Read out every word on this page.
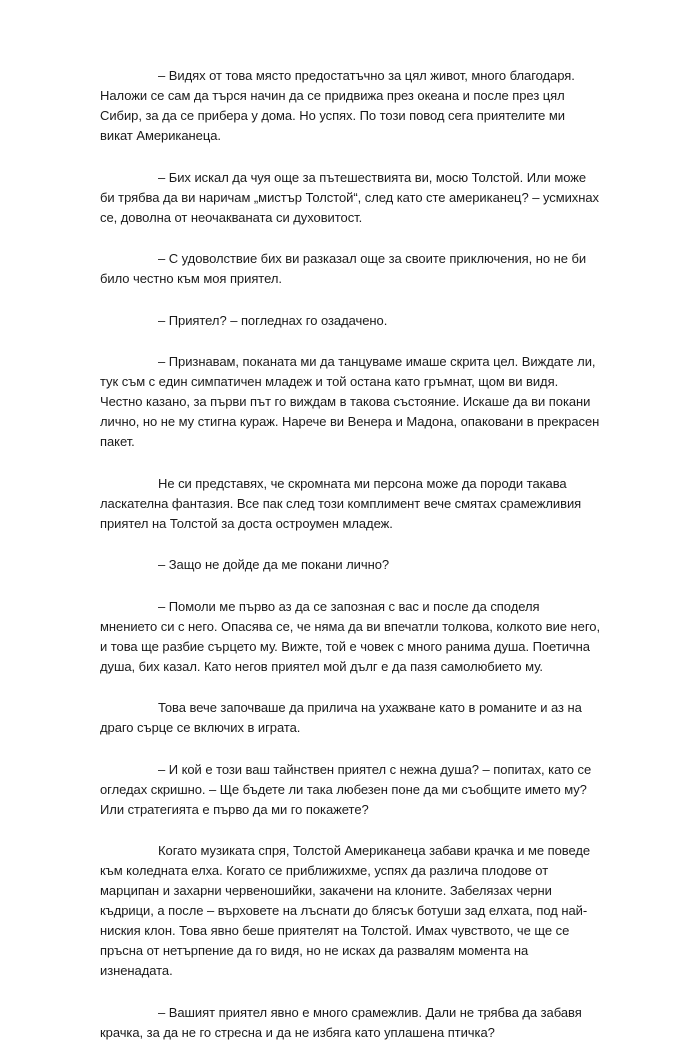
– Видях от това място предостатъчно за цял живот, много благодаря. Наложи се сам да търся начин да се придвижа през океана и после през цял Сибир, за да се прибера у дома. Но успях. По този повод сега приятелите ми викат Американеца.

– Бих искал да чуя още за пътешествията ви, мосю Толстой. Или може би трябва да ви наричам „мистър Толстой“, след като сте американец? – усмихнах се, доволна от неочакваната си духовитост.

– С удоволствие бих ви разказал още за своите приключения, но не би било честно към моя приятел.

– Приятел? – погледнах го озадачено.

– Признавам, поканата ми да танцуваме имаше скрита цел. Виждате ли, тук съм с един симпатичен младеж и той остана като гръмнат, щом ви видя. Честно казано, за първи път го виждам в такова състояние. Искаше да ви покани лично, но не му стигна кураж. Нарече ви Венера и Мадона, опаковани в прекрасен пакет.

Не си представях, че скромната ми персона може да породи такава ласкателна фантазия. Все пак след този комплимент вече смятах срамежливия приятел на Толстой за доста остроумен младеж.

– Защо не дойде да ме покани лично?

– Помоли ме първо аз да се запозная с вас и после да споделя мнението си с него. Опасява се, че няма да ви впечатли толкова, колкото вие него, и това ще разбие сърцето му. Вижте, той е човек с много ранима душа. Поетична душа, бих казал. Като негов приятел мой дълг е да пазя самолюбието му.

Това вече започваше да прилича на ухажване като в романите и аз на драго сърце се включих в играта.

– И кой е този ваш тайнствен приятел с нежна душа? – попитах, като се огледах скришно. – Ще бъдете ли така любезен поне да ми съобщите името му? Или стратегията е първо да ми го покажете?

Когато музиката спря, Толстой Американеца забави крачка и ме поведе към коледната елха. Когато се приближихме, успях да различа плодове от марципан и захарни червеношийки, закачени на клоните. Забелязах черни къдрици, а после – върховете на лъснати до блясък ботуши зад елхата, под най-ниския клон. Това явно беше приятелят на Толстой. Имах чувството, че ще се пръсна от нетърпение да го видя, но не исках да развалям момента на изненадата.

– Вашият приятел явно е много срамежлив. Дали не трябва да забавя крачка, за да не го стресна и да не избяга като уплашена птичка?
